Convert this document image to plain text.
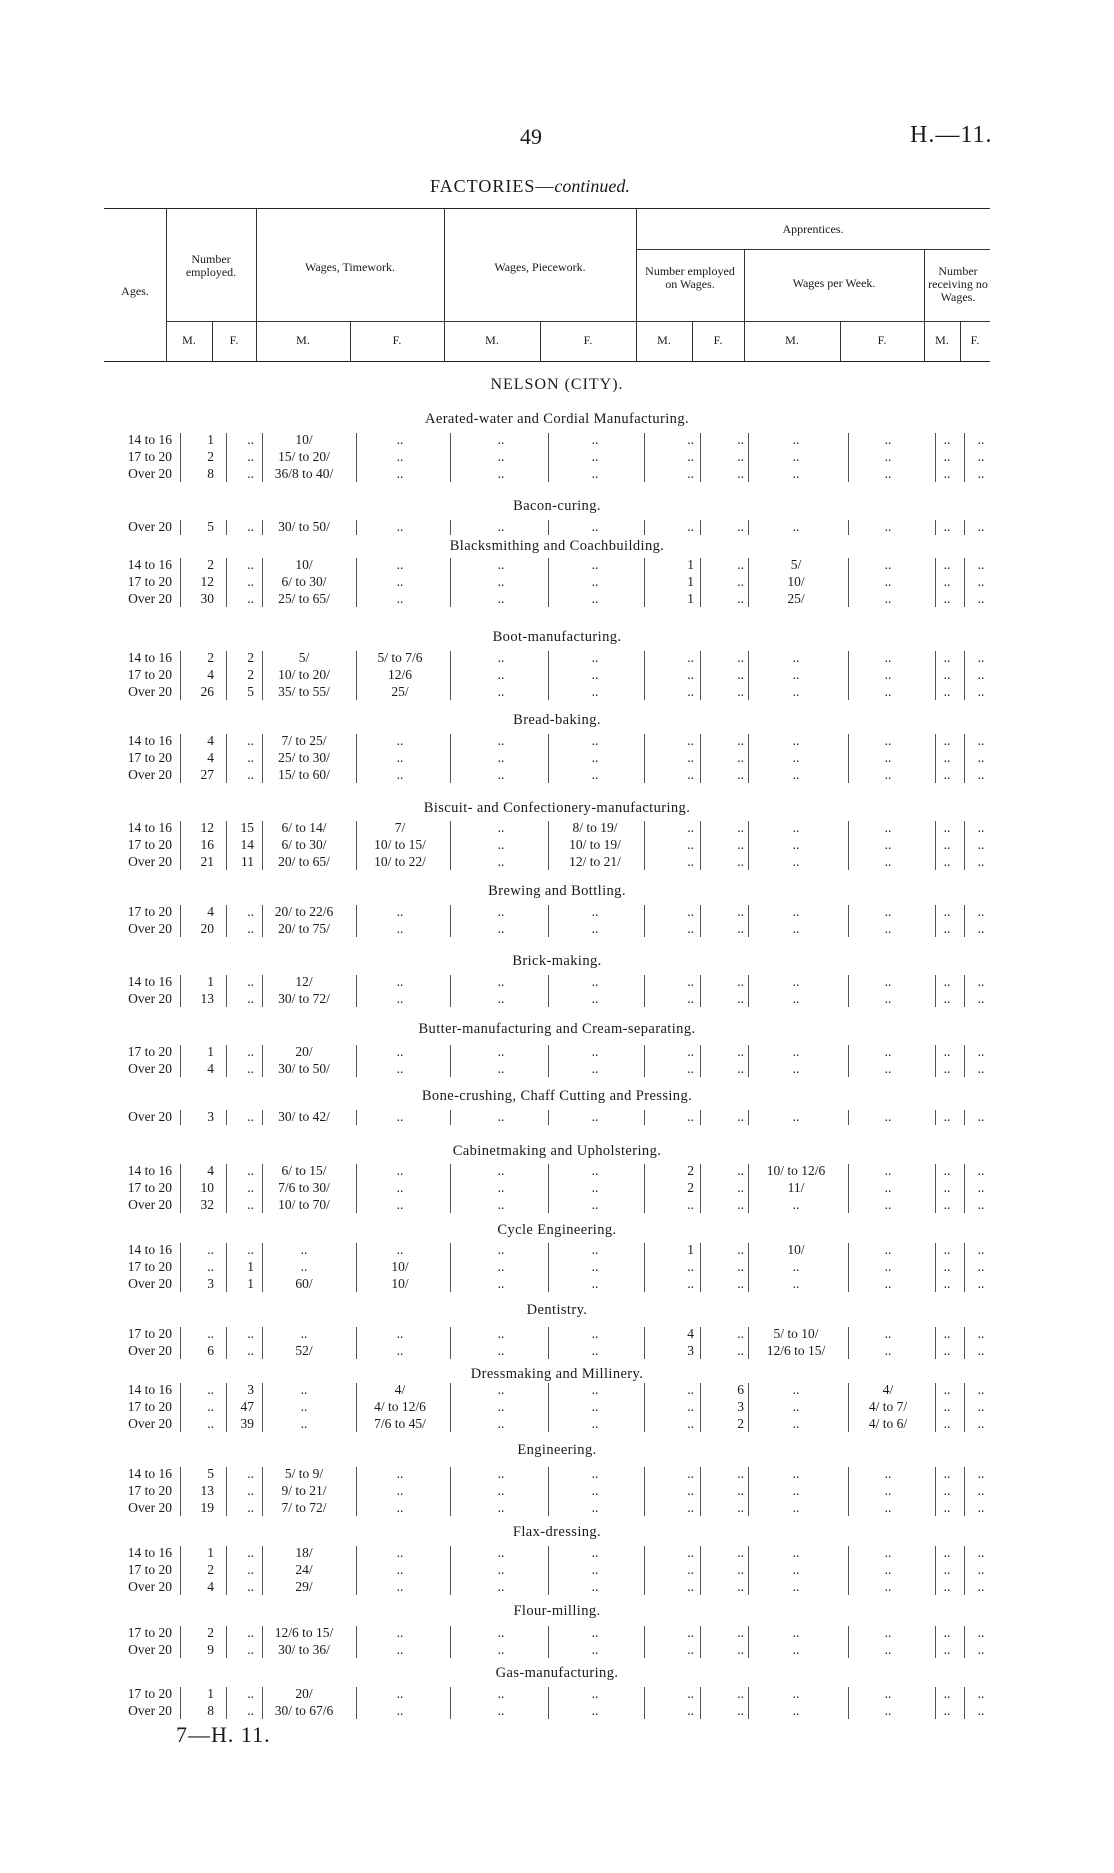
49	H.—11.
FACTORIES—continued.
Ages.
Number employed.	Wages, Timework.	Wages, Piecework.
Apprentices.
Number employed on Wages.	Wages per Week.
Number receiving no Wages.
M.	F.	M.	F.	M.	F.	M.	F.	M.	F.	M.	F.
NELSON (CITY).
Aerated-water and Cordial Manufacturing.
14 to 16	1	..	10/	..	..	..	..	..	..	..	..	..
17 to 20	2	..	15/ to 20/	..	..	..	..	..	..	..	..	..
Over 20	8	..	36/8 to 40/	..	..	..	..	..	..	..	..	..
Bacon-curing.
Over 20	5	..	30/ to 50/	..	..	..	..	..	..	..	..	..
Blacksmithing and Coachbuilding.
14 to 16	2	..	10/	..	..	..	1	..	5/	..	..	..
17 to 20	12	..	6/ to 30/	..	..	..	1	..	10/	..	..	..
Over 20	30	..	25/ to 65/	..	..	..	1	..	25/	..	..	..
Boot-manufacturing.
14 to 16	2	2	5/	5/ to 7/6	..	..	..	..	..	..	..	..
17 to 20	4	2	10/ to 20/	12/6	..	..	..	..	..	..	..	..
Over 20	26	5	35/ to 55/	25/	..	..	..	..	..	..	..	..
Bread-baking.
14 to 16	4	..	7/ to 25/	..	..	..	..	..	..	..	..	..
17 to 20	4	..	25/ to 30/	..	..	..	..	..	..	..	..	..
Over 20	27	..	15/ to 60/	..	..	..	..	..	..	..	..	..
Biscuit- and Confectionery-manufacturing.
14 to 16	12	15	6/ to 14/	7/	..	8/ to 19/	..	..	..	..	..	..
17 to 20	16	14	6/ to 30/	10/ to 15/	..	10/ to 19/	..	..	..	..	..	..
Over 20	21	11	20/ to 65/	10/ to 22/	..	12/ to 21/	..	..	..	..	..	..
Brewing and Bottling.
17 to 20	4	..	20/ to 22/6	..	..	..	..	..	..	..	..	..
Over 20	20	..	20/ to 75/	..	..	..	..	..	..	..	..	..
Brick-making.
14 to 16	1	..	12/	..	..	..	..	..	..	..	..	..
Over 20	13	..	30/ to 72/	..	..	..	..	..	..	..	..	..
Butter-manufacturing and Cream-separating.
17 to 20	1	..	20/	..	..	..	..	..	..	..	..	..
Over 20	4	..	30/ to 50/	..	..	..	..	..	..	..	..	..
Bone-crushing, Chaff Cutting and Pressing.
Over 20	3	..	30/ to 42/	..	..	..	..	..	..	..	..	..
Cabinetmaking and Upholstering.
14 to 16	4	..	6/ to 15/	..	..	..	2	..	10/ to 12/6	..	..	..
17 to 20	10	..	7/6 to 30/	..	..	..	2	..	11/	..	..	..
Over 20	32	..	10/ to 70/	..	..	..	..	..	..	..	..	..
Cycle Engineering.
14 to 16	..	..	..	..	..	..	1	..	10/	..	..	..
17 to 20	..	1	..	10/	..	..	..	..	..	..	..	..
Over 20	3	1	60/	10/	..	..	..	..	..	..	..	..
Dentistry.
17 to 20	..	..	..	..	..	..	4	..	5/ to 10/	..	..	..
Over 20	6	..	52/	..	..	..	3	..	12/6 to 15/	..	..	..
Dressmaking and Millinery.
14 to 16	..	3	..	4/	..	..	..	6	..	4/	..	..
17 to 20	..	47	..	4/ to 12/6	..	..	..	3	..	4/ to 7/	..	..
Over 20	..	39	..	7/6 to 45/	..	..	..	2	..	4/ to 6/	..	..
Engineering.
14 to 16	5	..	5/ to 9/	..	..	..	..	..	..	..	..	..
17 to 20	13	..	9/ to 21/	..	..	..	..	..	..	..	..	..
Over 20	19	..	7/ to 72/	..	..	..	..	..	..	..	..	..
Flax-dressing.
14 to 16	1	..	18/	..	..	..	..	..	..	..	..	..
17 to 20	2	..	24/	..	..	..	..	..	..	..	..	..
Over 20	4	..	29/	..	..	..	..	..	..	..	..	..
Flour-milling.
17 to 20	2	..	12/6 to 15/	..	..	..	..	..	..	..	..	..
Over 20	9	..	30/ to 36/	..	..	..	..	..	..	..	..	..
Gas-manufacturing.
17 to 20	1	..	20/	..	..	..	..	..	..	..	..	..
Over 20	8	..	30/ to 67/6	..	..	..	..	..	..	..	..	..
7—H. 11.
